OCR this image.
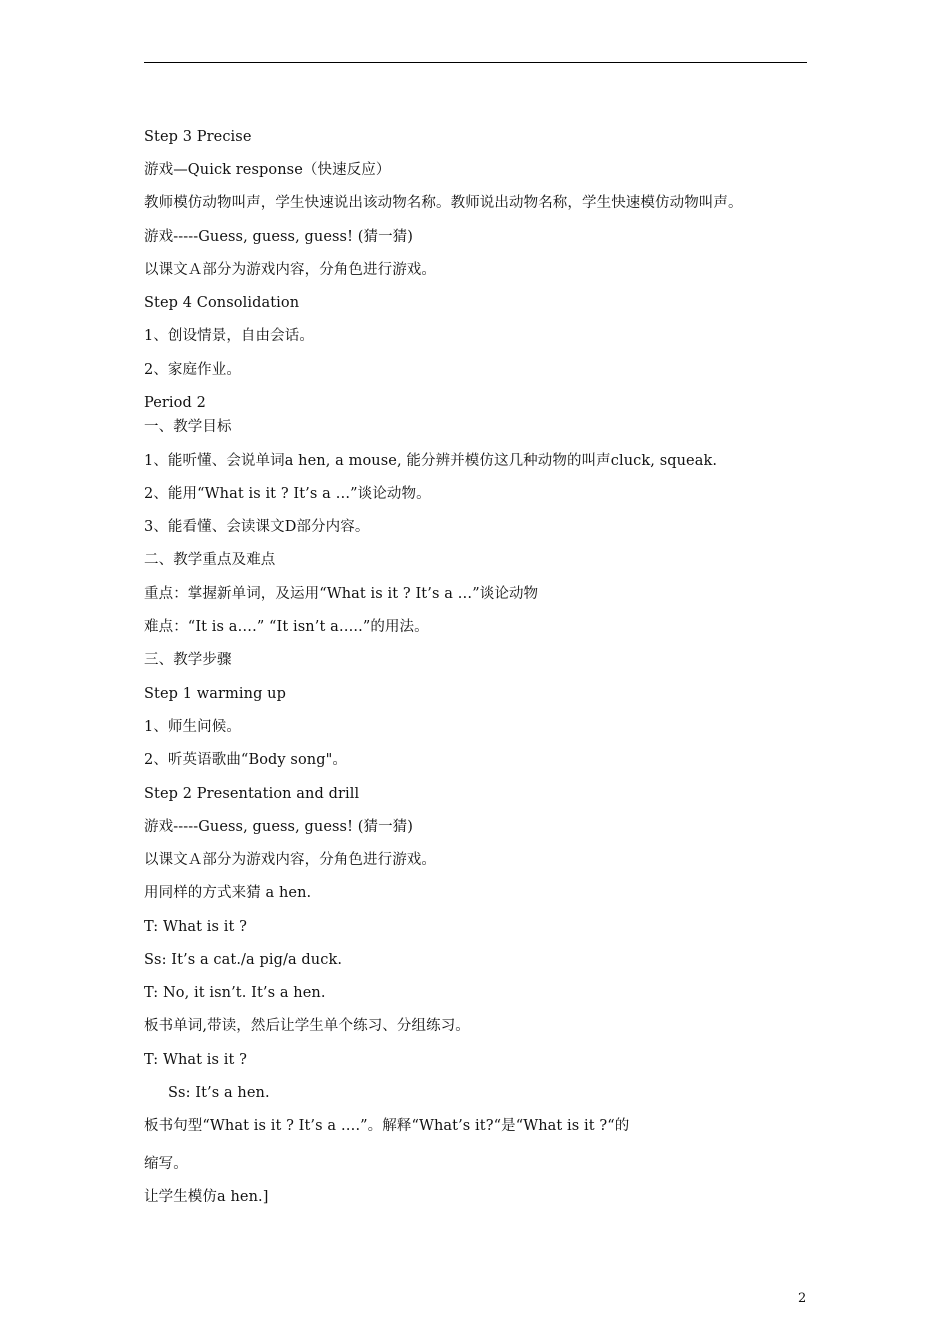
Step 3 Precise
游戏—Quick response（快速反应）
教师模仿动物叫声，学生快速说出该动物名称。教师说出动物名称，学生快速模仿动物叫声。
游戏-----Guess, guess, guess! (猜一猜)
以课文Ａ部分为游戏内容，分角色进行游戏。
Step 4 Consolidation
1、创设情景，自由会话。
2、家庭作业。
Period 2
一、教学目标
1、能听懂、会说单词a hen, a mouse, 能分辨并模仿这几种动物的叫声cluck, squeak.
2、能用“What is it ? It’s a …”谈论动物。
3、能看懂、会读课文D部分内容。
二、教学重点及难点
重点：掌握新单词，及运用“What is it ? It’s a …”谈论动物
难点：“It is a….” “It isn’t a…..”的用法。
三、教学步骤
Step 1 warming up
1、师生问候。
2、听英语歌曲“Body song"。
Step 2 Presentation and drill
游戏-----Guess, guess, guess! (猜一猜)
以课文Ａ部分为游戏内容，分角色进行游戏。
用同样的方式来猜 a hen.
T: What is it ?
Ss: It’s a cat./a pig/a duck.
T: No, it isn’t. It’s a hen.
板书单词,带读，然后让学生单个练习、分组练习。
T: What is it ?
Ss: It’s a hen.
板书句型“What is it ? It’s a ….”。解释“What’s it?“是“What is it ?“的
缩写。
让学生模仿a hen.]
2
